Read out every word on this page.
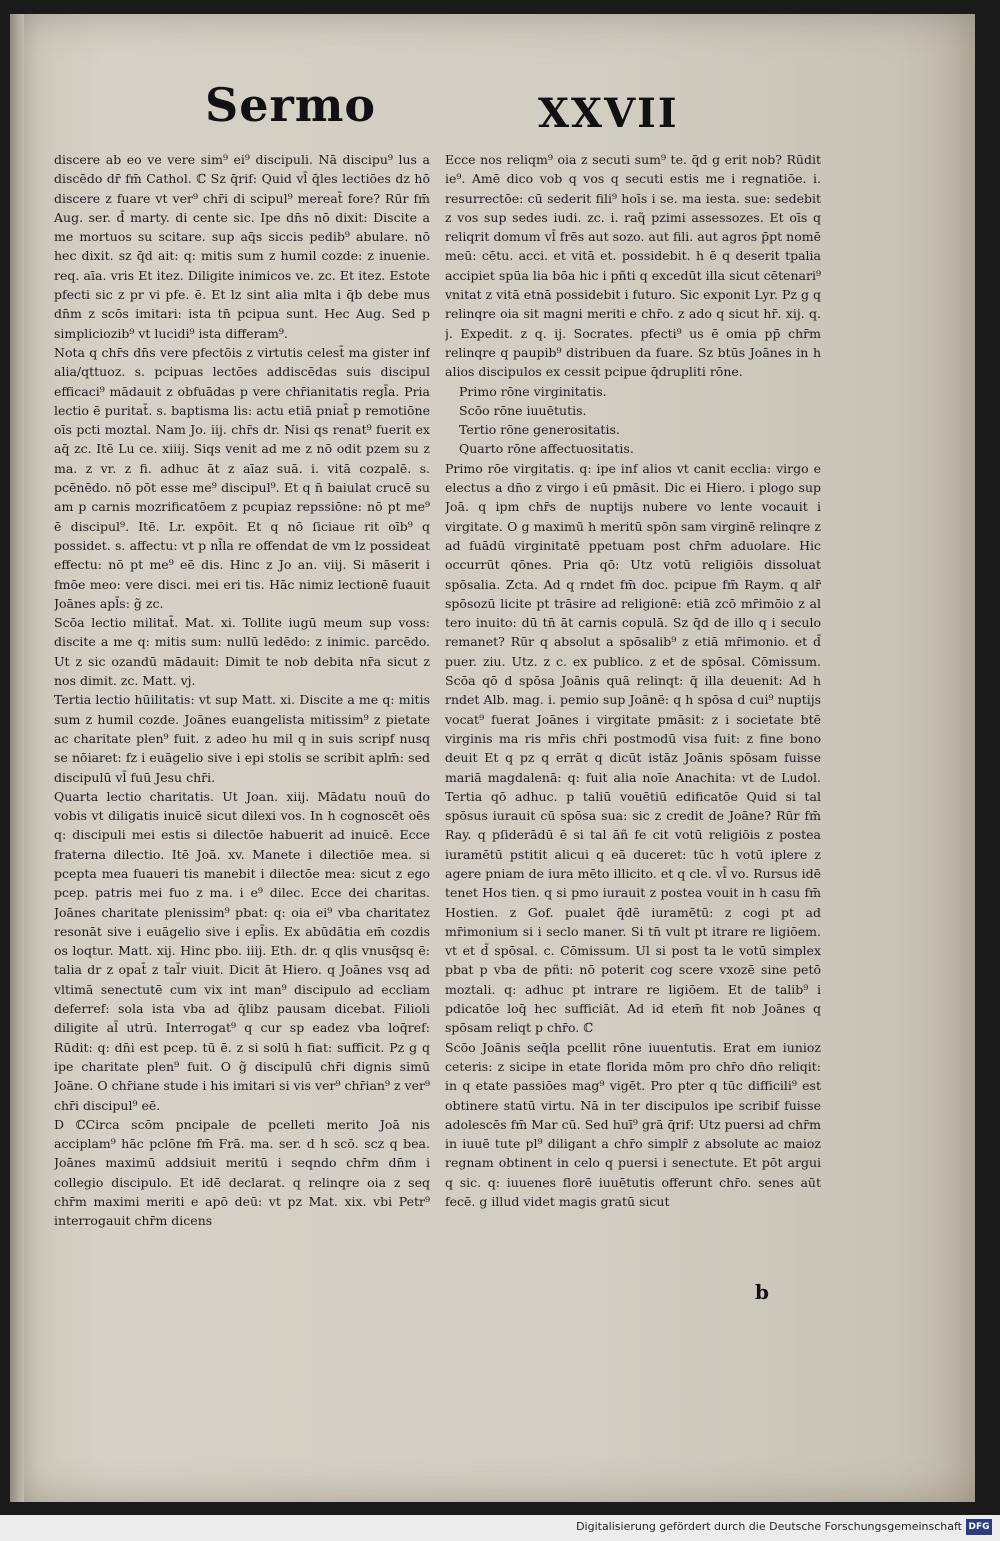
Sermo	XXVII

discere ab eo ve vere sim⁹ ei⁹ discipuli. Nā discipu⁹ lus a discēdo dr̄ fm̄ Cathol. ℂ Sz q̄rif: Quid vl̄ q̄les lectiōes dz hō discere z fuare vt ver⁹ chr̄i di scipul⁹ mereat̄ fore? Rūr fm̄ Aug. ser. d̄ marty. di cente sic. Ipe dn̄s nō dixit: Discite a me mortuos su scitare. sup aq̄s siccis pedib⁹ abulare. nō hec dixit. sz q̄d ait: q: mitis sum z humil cozde: z inuenie. req. aīa. vris Et itez. Diligite inimicos ve. zc. Et itez. Estote pfecti sic z pr vi pfe. ē. Et lz sint alia mlta i q̄b debe mus dn̄m z scōs imitari: ista tn̄ pcipua sunt. Hec Aug. Sed p simpliciozib⁹ vt lucidi⁹ ista differam⁹.

Nota q chr̄s dn̄s vere pfectōis z virtutis celest̄ ma gister inf alia/qttuoz. s. pcipuas lectōes addiscēdas suis discipul efficaci⁹ mādauit z obfuādas p vere chr̄ianitatis regl̄a. Pria lectio ē puritat̄. s. baptisma lis: actu etiā pniat̄ p remotiōne oīs pcti moztal. Nam Jo. iij. chr̄s dr. Nisi qs renat⁹ fuerit ex aq̄ zc. Itē Lu ce. xiiij. Siqs venit ad me z nō odit pzem su z ma. z vr. z fi. adhuc āt z aīaz suā. i. vitā cozpalē. s. pcēnēdo. nō pōt esse me⁹ discipul⁹. Et q n̄ baiulat crucē su am p carnis mozrificatōem z pcupiaz repssiōne: nō pt me⁹ ē discipul⁹. Itē. Lr. expōit. Et q nō ſiciaue rit oīb⁹ q possidet. s. affectu: vt p nl̄la re offendat de vm lz possideat effectu: nō pt me⁹ eē dis. Hinc z Jo an. viij. Si māserit i fmōe meo: vere disci. mei eri tis. Hāc nimiz lectionē fuauit Joānes apl̄s: g̃ zc.

Scōa lectio militat̄. Mat. xi. Tollite iugū meum sup voss: discite a me q: mitis sum: nullū ledēdo: z inimic. parcēdo. Ut z sic ozandū mādauit: Dimit te nob debita nr̄a sicut z nos dimit. zc. Matt. vj.

Tertia lectio hūilitatis: vt sup Matt. xi. Discite a me q: mitis sum z humil cozde. Joānes euangelista mitissim⁹ z pietate ac charitate plen⁹ fuit. z adeo hu mil q in suis scripf nusq se nōiaret: fz i euāgelio sive i epi stolis se scribit aplm̄: sed discipulū vl̄ fuū Jesu chr̄i.

Quarta lectio charitatis. Ut Joan. xiij. Mādatu nouū do vobis vt diligatis inuicē sicut dilexi vos. In h cognoscēt oēs q: discipuli mei estis si dilectōe habuerit ad inuicē. Ecce fraterna dilectio. Itē Joā. xv. Manete i dilectiōe mea. si pcepta mea fuaueri tis manebit i dilectōe mea: sicut z ego pcep. patris mei fuo z ma. i e⁹ dilec. Ecce dei charitas. Joānes charitate plenissim⁹ pbat: q: oia ei⁹ vba charitatez resonāt sive i euāgelio sive i epl̄is. Ex abūdātia em̄ cozdis os loqtur. Matt. xij. Hinc pbo. iiij. Eth. dr. q qlis vnusq̄sq ē: talia dr z opat̄ z tal̄r viuit. Dicit āt Hiero. q Joānes vsq ad vltimā senectutē cum vix int man⁹ discipulo ad eccliam deferref: sola ista vba ad q̄libz pausam dicebat. Filioli diligite al̄ utrū. Interrogat⁹ q cur sp eadez vba loq̄ref: Rūdit: q: dn̄i est pcep. tū ē. z si solū h fiat: sufficit. Pz g q ipe charitate plen⁹ fuit. O g̃ discipulū chr̄i dignis simū Joāne. O chr̄iane stude i his imitari si vis ver⁹ chr̄ian⁹ z ver⁹ chr̄i discipul⁹ eē.

D ℂCirca scōm pncipale de pcelleti merito Joā nis acciplam⁹ hāc pclōne fm̄ Frā. ma. ser. d h scō. scz q bea. Joānes maximū addsiuit meritū i seqndo chr̄m dn̄m i collegio discipulo. Et idē declarat. q relinqre oia z seq chr̄m maximi meriti e apō deū: vt pz Mat. xix. vbi Petr⁹ interrogauit chr̄m dicens

Ecce nos reliqm⁹ oia z secuti sum⁹ te. q̄d g erit nob? Rūdit ie⁹. Amē dico vob q vos q secuti estis me i regnatiōe. i. resurrectōe: cū sederit fili⁹ hoīs i se. ma iesta. sue: sedebit z vos sup sedes iudi. zc. i. raq̃ pzimi assessozes. Et oīs q reliqrit domum vl̄ frēs aut sozo. aut fili. aut agros p̄pt nomē meū: cētu. acci. et vitā et. possidebit. h ē q deserit tpalia accipiet spūa lia bōa hic i pñti q excedūt illa sicut cētenari⁹ vnitat z vitā etnā possidebit i futuro. Sic exponit Lyr. Pz g q relinqre oia sit magni meriti e chr̄o. z ado q sicut hr̄. xij. q. j. Expedit. z q. ij. Socrates. pfecti⁹ us ē omia pp̄ chr̄m relinqre q paupib⁹ distribuen da fuare. Sz btūs Joānes in h alios discipulos ex cessit pcipue q̄drupliti rōne.

Primo rōne virginitatis.

Scōo rōne iuuētutis.

Tertio rōne generositatis.

Quarto rōne affectuositatis.

Primo rōe virgitatis. q: ipe inf alios vt canit ecclia: virgo e electus a dn̄o z virgo i eū pmāsit. Dic ei Hiero. i plogo sup Joā. q ipm chr̄s de nuptijs nubere vo lente vocauit i virgitate. O g maximū h meritū spōn sam virginē relinqre z ad fuādū virginitatē ppetuam post chr̄m aduolare. Hic occurrūt qōnes. Pria qō: Utz votū religiōis dissoluat spōsalia. Zcta. Ad q rndet fm̄ doc. pcipue fm̄ Raym. q alr̄ spōsozū licite pt trāsire ad religionē: etiā zcō mr̄imōio z al tero inuito: dū tn̄ āt carnis copulā. Sz q̄d de illo q i seculo remanet? Rūr q absolut a spōsalib⁹ z etiā mr̄imonio. et d̄ puer. ziu. Utz. z c. ex publico. z et de spōsal. Cōmissum. Scōa qō d spōsa Joānis quā relinqt: q̄ illa deuenit: Ad h rndet Alb. mag. i. pemio sup Joānē: q h spōsa d cui⁹ nuptijs vocat⁹ fuerat Joānes i virgitate pmāsit: z i societate btē virginis ma ris mr̄is chr̄i postmodū visa fuit: z fine bono deuit Et q pz q errāt q dicūt istāz Joānis spōsam fuisse mariā magdalenā: q: fuit alia noīe Anachita: vt de Ludol. Tertia qō adhuc. p taliū vouētiū edificatōe Quid si tal spōsus iurauit cū spōsa sua: sic z credit de Joāne? Rūr fm̄ Ray. q pſiderādū ē si tal āñ fe cit votū religiōis z postea iuramētū pstitit alicui q eā duceret: tūc h votū iplere z agere pniam de iura mēto illicito. et q cle. vl̄ vo. Rursus idē tenet Hos tien. q si pmo iurauit z postea vouit in h casu fm̄ Hostien. z Gof. pualet q̄dē iuramētū: z cogi pt ad mr̄imonium si i seclo maner. Si tn̄ vult pt itrare re ligiōem. vt et d̄ spōsal. c. Cōmissum. Ul si post ta le votū simplex pbat p vba de pñti: nō poterit cog scere vxozē sine petō moztali. q: adhuc pt intrare re ligiōem. Et de talib⁹ i pdicatōe loq̄ hec sufficiāt. Ad id etem̄ fit nob Joānes q spōsam reliqt p chr̄o. ℂ

Scōo Joānis seq̄la pcellit rōne iuuentutis. Erat em iunioz ceteris: z sicipe in etate florida mōm pro chr̄o dn̄o reliqit: in q etate passiōes mag⁹ vigēt. Pro pter q tūc difficili⁹ est obtinere statū virtu. Nā in ter discipulos ipe scribif fuisse adolescēs fm̄ Mar cū. Sed huī⁹ grā q̄rif: Utz puersi ad chr̄m in iuuē tute pl⁹ diligant a chr̄o simplr̄ z absolute ac maioz regnam obtinent in celo q puersi i senectute. Et pōt argui q sic. q: iuuenes florē iuuētutis offerunt chr̄o. senes aūt fecē. g illud videt magis gratū sicut

b
Digitalisierung gefördert durch die Deutsche Forschungsgemeinschaft DFG
